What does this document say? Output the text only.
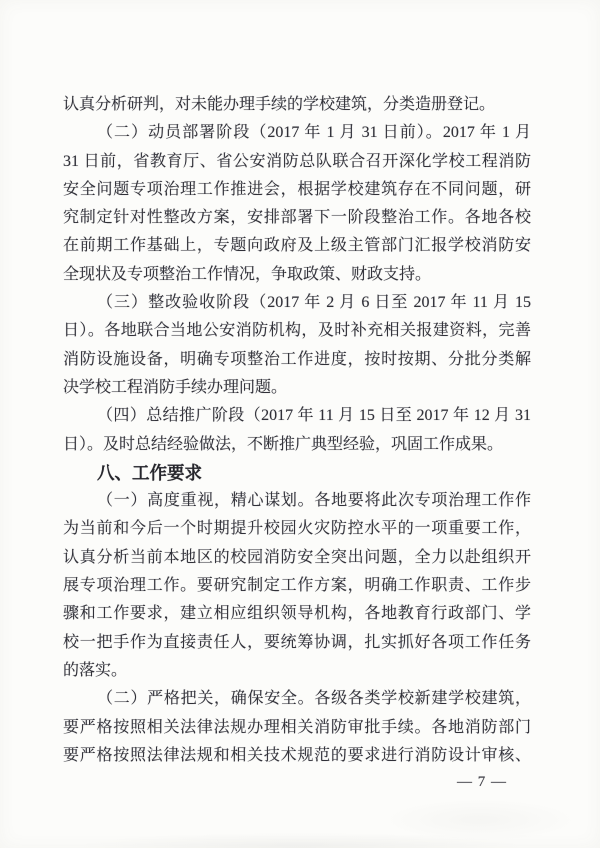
认真分析研判，对未能办理手续的学校建筑，分类造册登记。
（二）动员部署阶段（2017 年 1 月 31 日前）。2017 年 1 月
31 日前，省教育厅、省公安消防总队联合召开深化学校工程消防
安全问题专项治理工作推进会，根据学校建筑存在不同问题，研
究制定针对性整改方案，安排部署下一阶段整治工作。各地各校
在前期工作基础上，专题向政府及上级主管部门汇报学校消防安
全现状及专项整治工作情况，争取政策、财政支持。
（三）整改验收阶段（2017 年 2 月 6 日至 2017 年 11 月 15
日）。各地联合当地公安消防机构，及时补充相关报建资料，完善
消防设施设备，明确专项整治工作进度，按时按期、分批分类解
决学校工程消防手续办理问题。
（四）总结推广阶段（2017 年 11 月 15 日至 2017 年 12 月 31
日）。及时总结经验做法，不断推广典型经验，巩固工作成果。
八、工作要求
（一）高度重视，精心谋划。各地要将此次专项治理工作作
为当前和今后一个时期提升校园火灾防控水平的一项重要工作，
认真分析当前本地区的校园消防安全突出问题，全力以赴组织开
展专项治理工作。要研究制定工作方案，明确工作职责、工作步
骤和工作要求，建立相应组织领导机构，各地教育行政部门、学
校一把手作为直接责任人，要统筹协调，扎实抓好各项工作任务
的落实。
（二）严格把关，确保安全。各级各类学校新建学校建筑，
要严格按照相关法律法规办理相关消防审批手续。各地消防部门
要严格按照法律法规和相关技术规范的要求进行消防设计审核、
— 7 —
